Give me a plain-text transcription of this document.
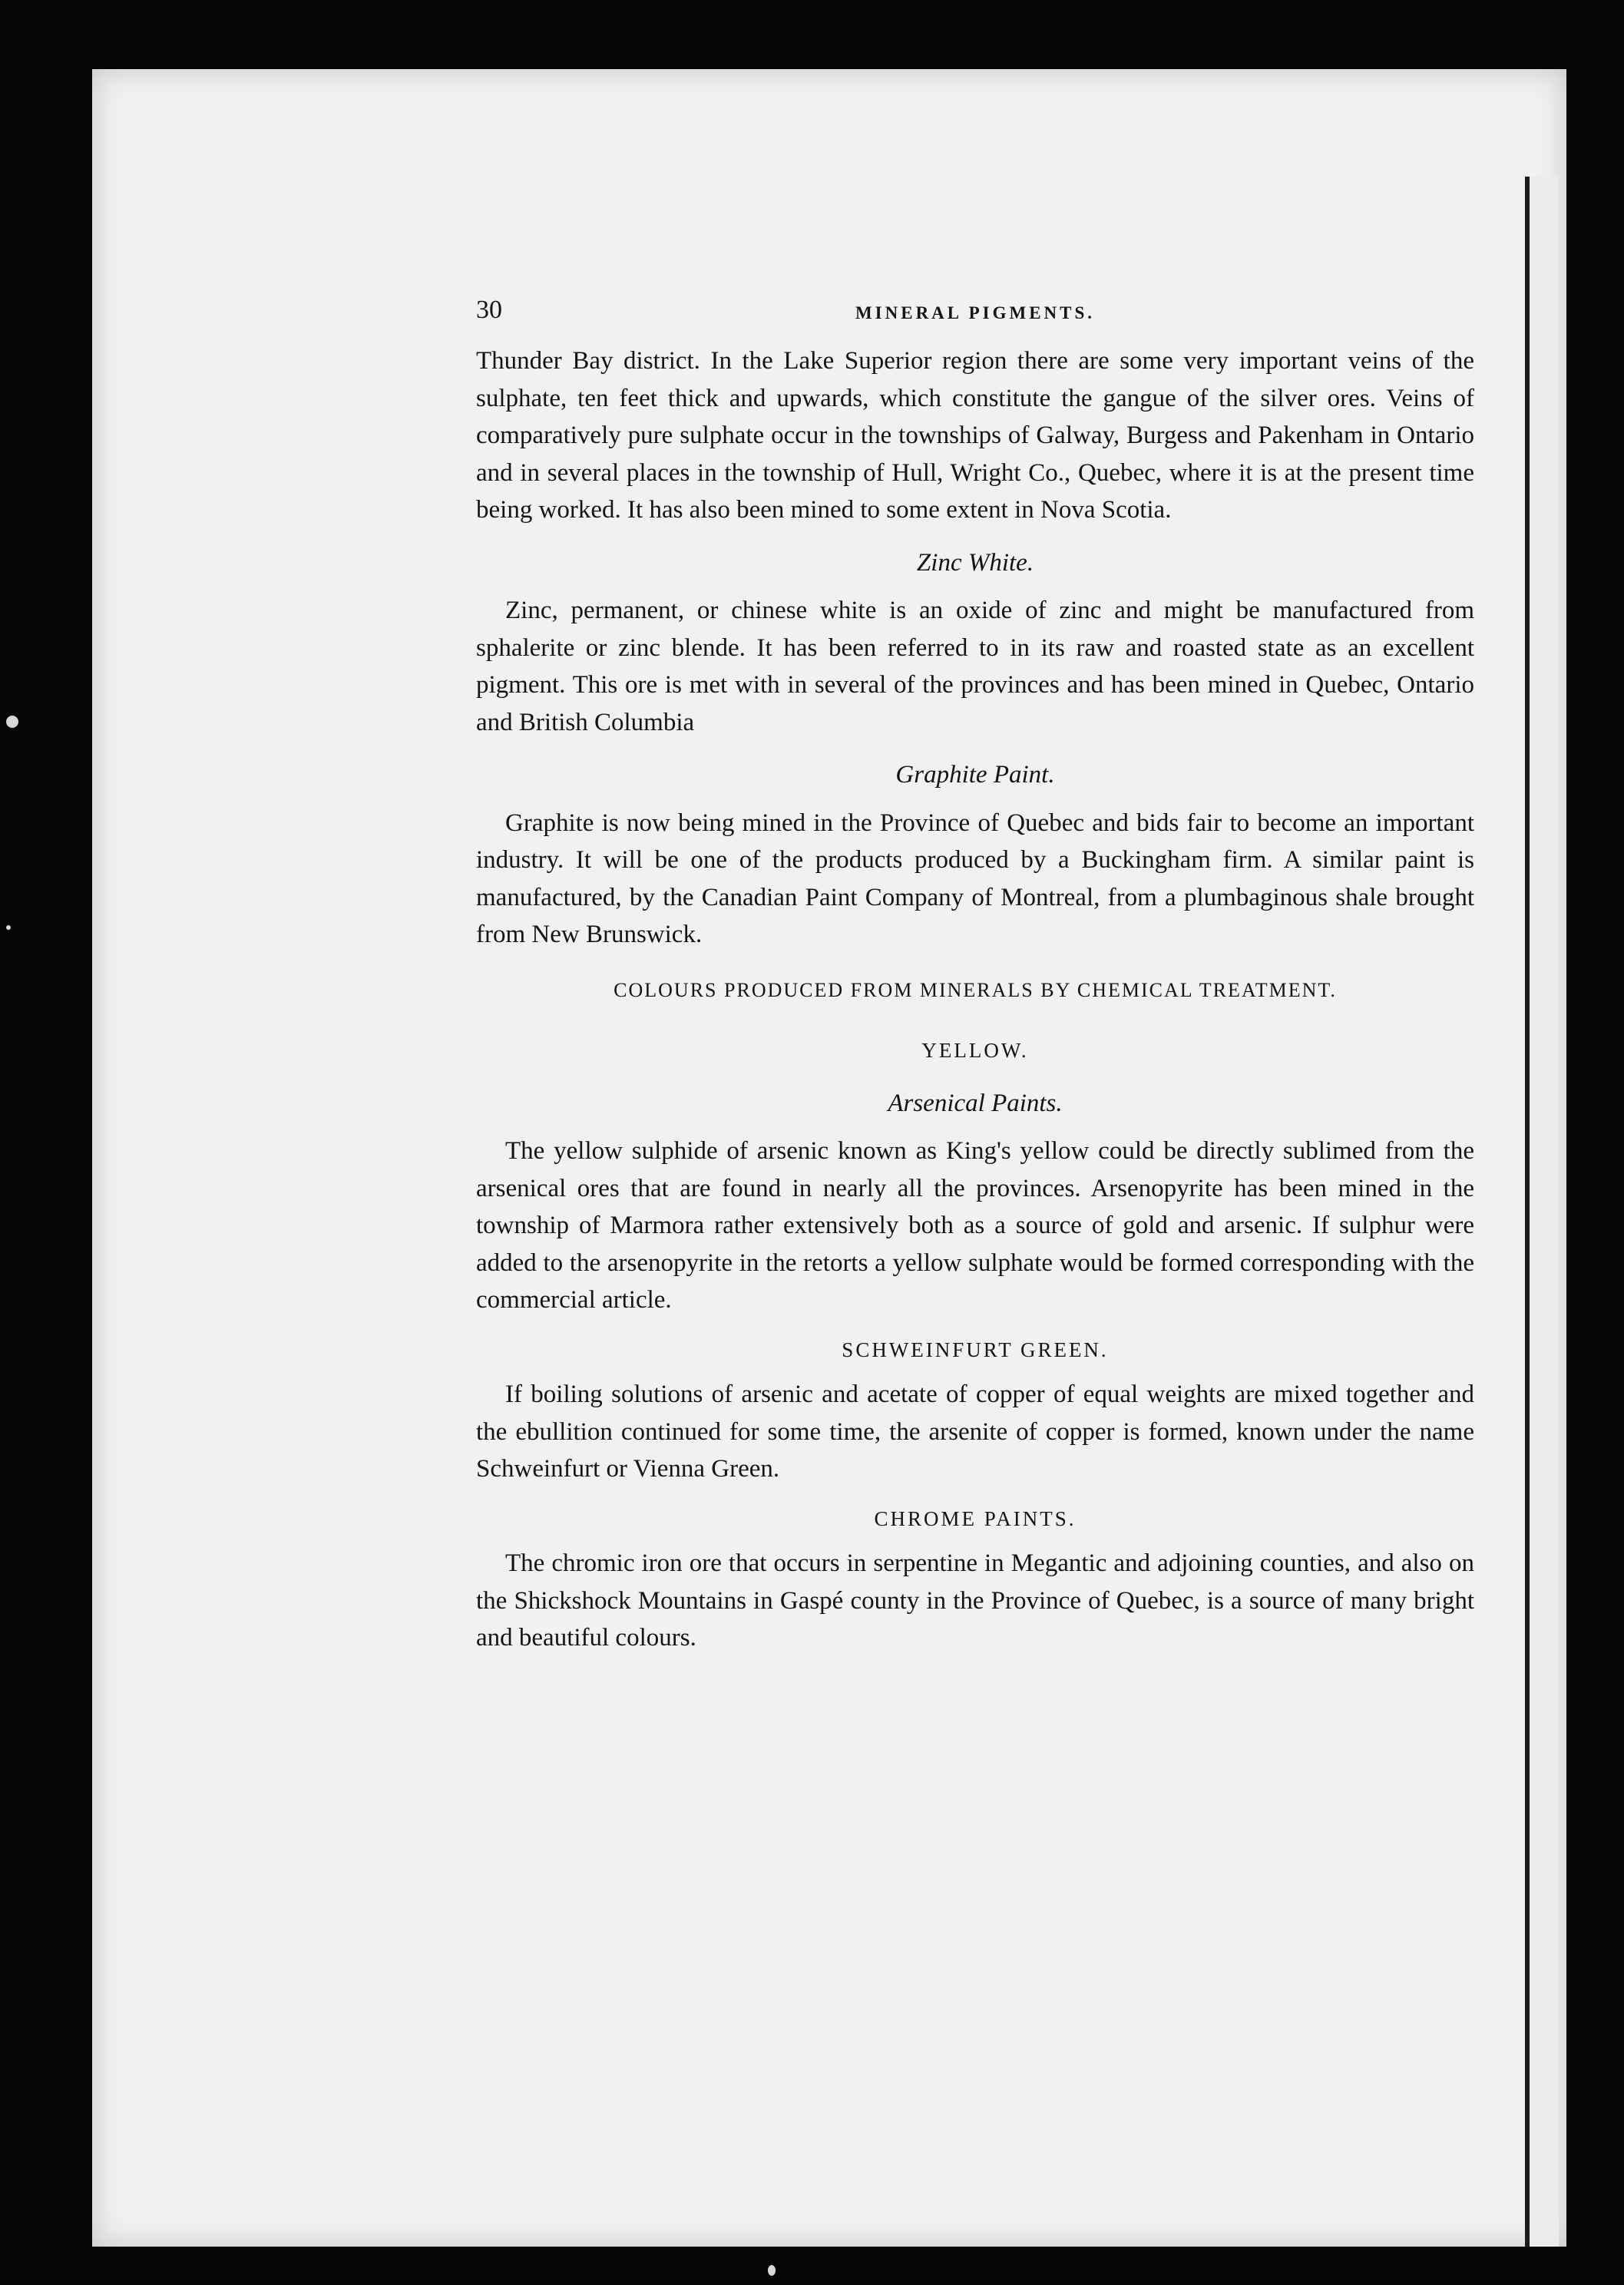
30	MINERAL PIGMENTS.

Thunder Bay district. In the Lake Superior region there are some very important veins of the sulphate, ten feet thick and upwards, which constitute the gangue of the silver ores. Veins of comparatively pure sulphate occur in the townships of Galway, Burgess and Pakenham in Ontario and in several places in the township of Hull, Wright Co., Quebec, where it is at the present time being worked. It has also been mined to some extent in Nova Scotia.

Zinc White.

Zinc, permanent, or chinese white is an oxide of zinc and might be manufactured from sphalerite or zinc blende. It has been referred to in its raw and roasted state as an excellent pigment. This ore is met with in several of the provinces and has been mined in Quebec, Ontario and British Columbia

Graphite Paint.

Graphite is now being mined in the Province of Quebec and bids fair to become an important industry. It will be one of the products produced by a Buckingham firm. A similar paint is manufactured, by the Canadian Paint Company of Montreal, from a plumbaginous shale brought from New Brunswick.

COLOURS PRODUCED FROM MINERALS BY CHEMICAL TREATMENT.
YELLOW.
Arsenical Paints.

The yellow sulphide of arsenic known as King's yellow could be directly sublimed from the arsenical ores that are found in nearly all the provinces. Arsenopyrite has been mined in the township of Marmora rather extensively both as a source of gold and arsenic. If sulphur were added to the arsenopyrite in the retorts a yellow sulphate would be formed corresponding with the commercial article.

SCHWEINFURT GREEN.

If boiling solutions of arsenic and acetate of copper of equal weights are mixed together and the ebullition continued for some time, the arsenite of copper is formed, known under the name Schweinfurt or Vienna Green.

CHROME PAINTS.

The chromic iron ore that occurs in serpentine in Megantic and adjoining counties, and also on the Shickshock Mountains in Gaspé county in the Province of Quebec, is a source of many bright and beautiful colours.
